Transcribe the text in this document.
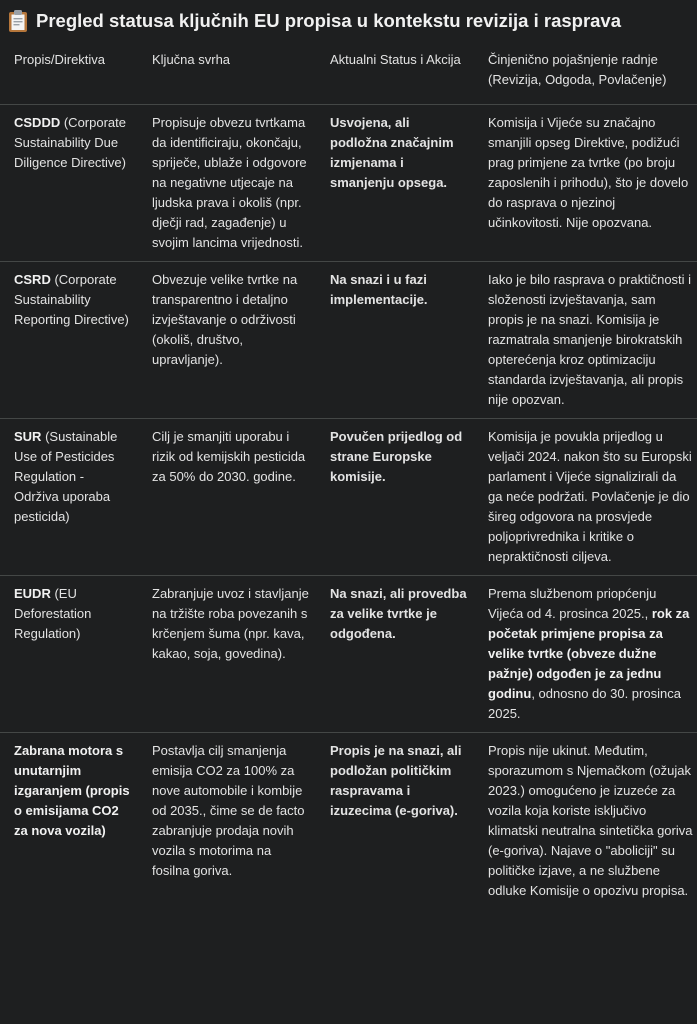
Pregled statusa ključnih EU propisa u kontekstu revizija i rasprava
Propis/Direktiva	Ključna svrha	Aktualni Status i Akcija	Činjenično pojašnjenje radnje (Revizija, Odgoda, Povlačenje)
CSDDD (Corporate Sustainability Due Diligence Directive)	Propisuje obvezu tvrtkama da identificiraju, okončaju, spriječe, ublaže i odgovore na negativne utjecaje na ljudska prava i okoliš (npr. dječji rad, zagađenje) u svojim lancima vrijednosti.	Usvojena, ali podložna značajnim izmjenama i smanjenju opsega.	Komisija i Vijeće su značajno smanjili opseg Direktive, podižući prag primjene za tvrtke (po broju zaposlenih i prihodu), što je dovelo do rasprava o njezinoj učinkovitosti. Nije opozvana.
CSRD (Corporate Sustainability Reporting Directive)	Obvezuje velike tvrtke na transparentno i detaljno izvještavanje o održivosti (okoliš, društvo, upravljanje).	Na snazi i u fazi implementacije.	Iako je bilo rasprava o praktičnosti i složenosti izvještavanja, sam propis je na snazi. Komisija je razmatrala smanjenje birokratskih opterećenja kroz optimizaciju standarda izvještavanja, ali propis nije opozvan.
SUR (Sustainable Use of Pesticides Regulation - Održiva uporaba pesticida)	Cilj je smanjiti uporabu i rizik od kemijskih pesticida za 50% do 2030. godine.	Povučen prijedlog od strane Europske komisije.	Komisija je povukla prijedlog u veljači 2024. nakon što su Europski parlament i Vijeće signalizirali da ga neće podržati. Povlačenje je dio šireg odgovora na prosvjede poljoprivrednika i kritike o nepraktičnosti ciljeva.
EUDR (EU Deforestation Regulation)	Zabranjuje uvoz i stavljanje na tržište roba povezanih s krčenjem šuma (npr. kava, kakao, soja, govedina).	Na snazi, ali provedba za velike tvrtke je odgođena.	Prema službenom priopćenju Vijeća od 4. prosinca 2025., rok za početak primjene propisa za velike tvrtke (obveze dužne pažnje) odgođen je za jednu godinu, odnosno do 30. prosinca 2025.
Zabrana motora s unutarnjim izgaranjem (propis o emisijama CO2 za nova vozila)	Postavlja cilj smanjenja emisija CO2 za 100% za nove automobile i kombije od 2035., čime se de facto zabranjuje prodaja novih vozila s motorima na fosilna goriva.	Propis je na snazi, ali podložan političkim raspravama i izuzecima (e-goriva).	Propis nije ukinut. Međutim, sporazumom s Njemačkom (ožujak 2023.) omogućeno je izuzeće za vozila koja koriste isključivo klimatski neutralna sintetička goriva (e-goriva). Najave o "aboliciji" su političke izjave, a ne službene odluke Komisije o opozivu propisa.
